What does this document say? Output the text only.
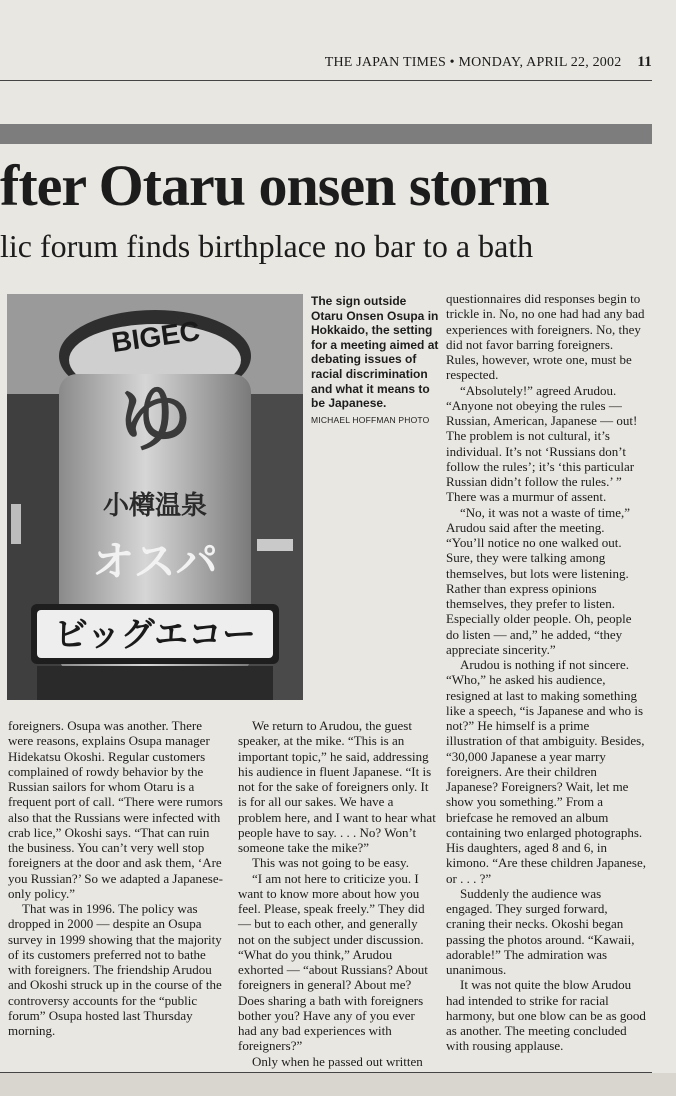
THE JAPAN TIMES • MONDAY, APRIL 22, 2002 11
fter Otaru onsen storm
lic forum finds birthplace no bar to a bath
BIGEC
ゆ
小樽温泉
オスパ
ビッグエコー
The sign outside Otaru Onsen Osupa in Hokkaido, the setting for a meeting aimed at debating issues of racial discrimination and what it means to be Japanese.
MICHAEL HOFFMAN PHOTO

questionnaires did responses begin to trickle in. No, no one had had any bad experiences with foreigners. No, they did not favor barring foreigners. Rules, however, wrote one, must be respected.

“Absolutely!” agreed Arudou. “Anyone not obeying the rules — Russian, American, Japanese — out! The problem is not cultural, it’s individual. It’s not ‘Russians don’t follow the rules’; it’s ‘this particular Russian didn’t follow the rules.’ ” There was a murmur of assent.

“No, it was not a waste of time,” Arudou said after the meeting. “You’ll notice no one walked out. Sure, they were talking among themselves, but lots were listening. Rather than express opinions themselves, they prefer to listen. Especially older people. Oh, people do listen — and,” he added, “they appreciate sincerity.”

Arudou is nothing if not sincere. “Who,” he asked his audience, resigned at last to making something like a speech, “is Japanese and who is not?” He himself is a prime illustration of that ambiguity. Besides, “30,000 Japanese a year marry foreigners. Are their children Japanese? Foreigners? Wait, let me show you something.” From a briefcase he removed an album containing two enlarged photographs. His daughters, aged 8 and 6, in kimono. “Are these children Japanese, or . . . ?”

Suddenly the audience was engaged. They surged forward, craning their necks. Okoshi began passing the photos around. “Kawaii, adorable!” The admiration was unanimous.

It was not quite the blow Arudou had intended to strike for racial harmony, but one blow can be as good as another. The meeting concluded with rousing applause.

foreigners. Osupa was another. There were reasons, explains Osupa manager Hidekatsu Okoshi. Regular customers complained of rowdy behavior by the Russian sailors for whom Otaru is a frequent port of call. “There were rumors also that the Russians were infected with crab lice,” Okoshi says. “That can ruin the business. You can’t very well stop foreigners at the door and ask them, ‘Are you Russian?’ So we adapted a Japanese-only policy.”

That was in 1996. The policy was dropped in 2000 — despite an Osupa survey in 1999 showing that the majority of its customers preferred not to bathe with foreigners. The friendship Arudou and Okoshi struck up in the course of the controversy accounts for the “public forum” Osupa hosted last Thursday morning.

We return to Arudou, the guest speaker, at the mike. “This is an important topic,” he said, addressing his audience in fluent Japanese. “It is not for the sake of foreigners only. It is for all our sakes. We have a problem here, and I want to hear what people have to say. . . . No? Won’t someone take the mike?”

This was not going to be easy.

“I am not here to criticize you. I want to know more about how you feel. Please, speak freely.” They did — but to each other, and generally not on the subject under discussion. “What do you think,” Arudou exhorted — “about Russians? About foreigners in general? About me? Does sharing a bath with foreigners bother you? Have any of you ever had any bad experiences with foreigners?”

Only when he passed out written
